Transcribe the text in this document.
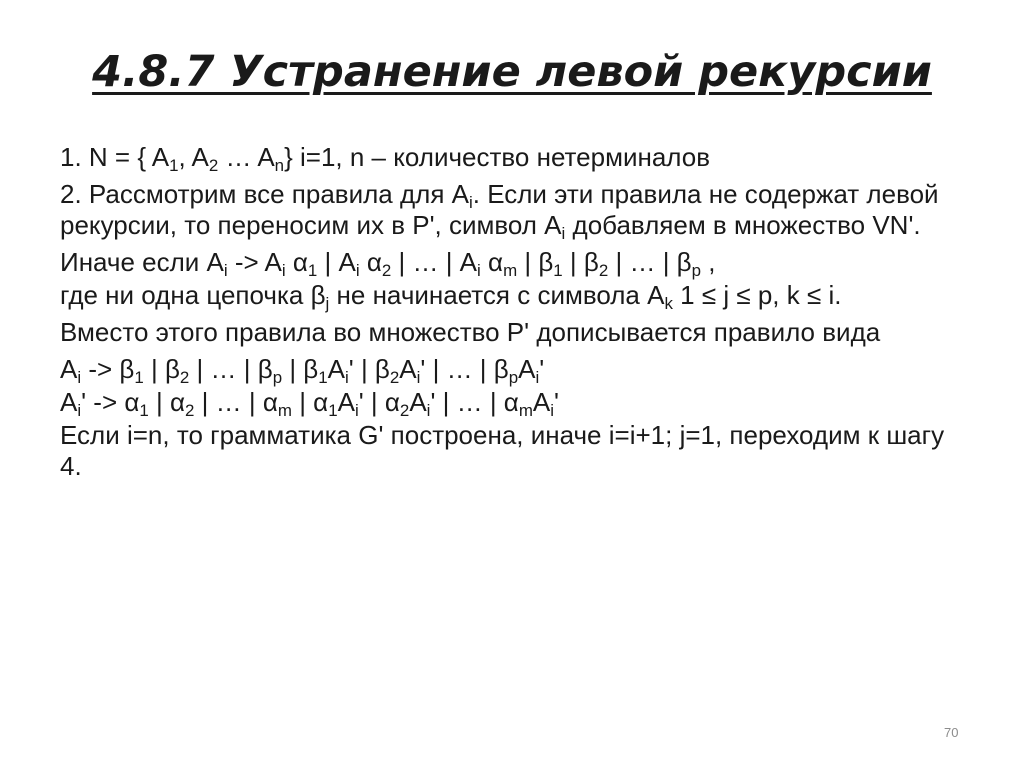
4.8.7 Устранение левой рекурсии

1. N = { $A_1$, $A_2$ … $A_n$} i=1, n – количество нетерминалов

2. Рассмотрим все правила для $A_i$. Если эти правила не содержат левой рекурсии, то переносим их в P', символ $A_i$ добавляем в множество VN'.

Иначе если $A_i -> A_i$ $\alpha_1$ | $A_i$ $\alpha_2$ | … | $A_i$ $\alpha_m$ | $\beta_1$ | $\beta_2$ | … | $\beta_p$ ,

где ни одна цепочка $\beta_j$ не начинается с символа $A_k$ 1 ≤ j ≤ p, k ≤ i.

Вместо этого правила во множество P' дописывается правило вида

$A_i -> \beta_1$ | $\beta_2$ | … | $\beta_p$ | $\beta_1A_i'$ | $\beta_2A_i'$ | … | $\beta_pA_i'$

$A_i' -> \alpha_1$ | $\alpha_2$ | … | $\alpha_m$ | $\alpha_1A_i'$ | $\alpha_2A_i'$ | … | $\alpha_mA_i'$

Если i=n, то грамматика G' построена, иначе i=i+1; j=1, переходим к шагу 4.

70
